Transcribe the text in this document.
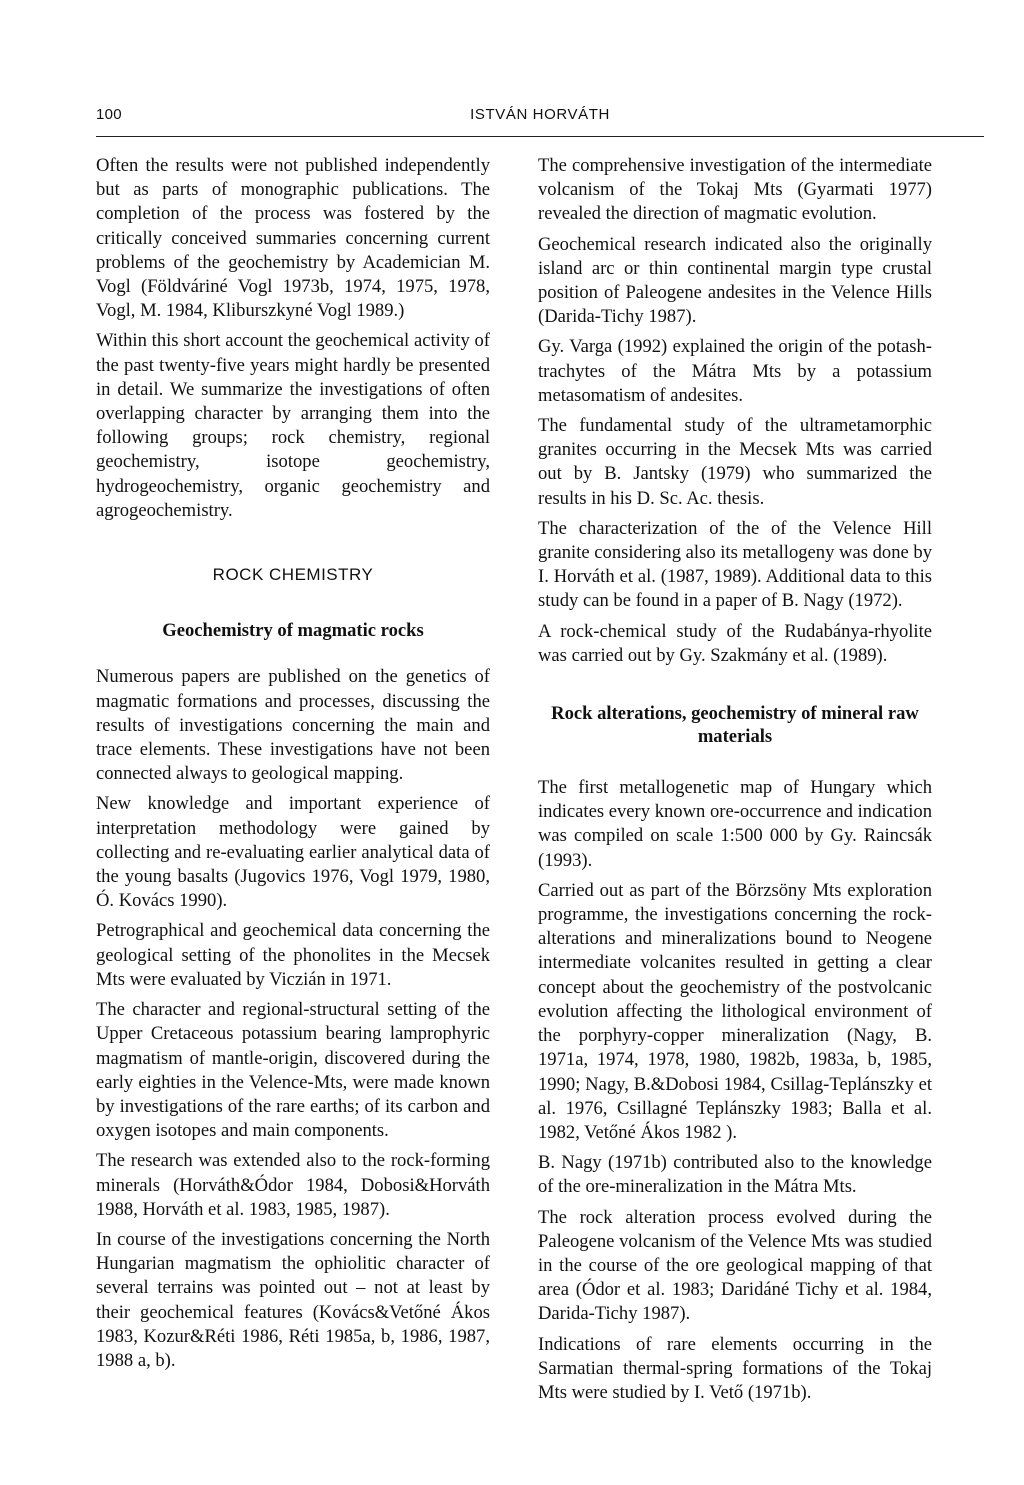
100	ISTVÁN HORVÁTH

Often the results were not published independently but as parts of monographic publications. The completion of the process was fostered by the critically conceived summaries concerning current problems of the geochemistry by Academician M. Vogl (Földváriné Vogl 1973b, 1974, 1975, 1978, Vogl, M. 1984, Kliburszkyné Vogl 1989.)

Within this short account the geochemical activity of the past twenty-five years might hardly be presented in detail. We summarize the investigations of often overlapping character by arranging them into the following groups; rock chemistry, regional geochemistry, isotope geochemistry, hydrogeochemistry, organic geochemistry and agrogeochemistry.

ROCK CHEMISTRY
Geochemistry of magmatic rocks

Numerous papers are published on the genetics of magmatic formations and processes, discussing the results of investigations concerning the main and trace elements. These investigations have not been connected always to geological mapping.

New knowledge and important experience of interpretation methodology were gained by collecting and re-evaluating earlier analytical data of the young basalts (Jugovics 1976, Vogl 1979, 1980, Ó. Kovács 1990).

Petrographical and geochemical data concerning the geological setting of the phonolites in the Mecsek Mts were evaluated by Viczián in 1971.

The character and regional-structural setting of the Upper Cretaceous potassium bearing lamprophyric magmatism of mantle-origin, discovered during the early eighties in the Velence-Mts, were made known by investigations of the rare earths; of its carbon and oxygen isotopes and main components.

The research was extended also to the rock-forming minerals (Horváth&Ódor 1984, Dobosi&Horváth 1988, Horváth et al. 1983, 1985, 1987).

In course of the investigations concerning the North Hungarian magmatism the ophiolitic character of several terrains was pointed out – not at least by their geochemical features (Kovács&Vetőné Ákos 1983, Kozur&Réti 1986, Réti 1985a, b, 1986, 1987, 1988 a, b).

The comprehensive investigation of the intermediate volcanism of the Tokaj Mts (Gyarmati 1977) revealed the direction of magmatic evolution.

Geochemical research indicated also the originally island arc or thin continental margin type crustal position of Paleogene andesites in the Velence Hills (Darida-Tichy 1987).

Gy. Varga (1992) explained the origin of the potash-trachytes of the Mátra Mts by a potassium metasomatism of andesites.

The fundamental study of the ultrametamorphic granites occurring in the Mecsek Mts was carried out by B. Jantsky (1979) who summarized the results in his D. Sc. Ac. thesis.

The characterization of the of the Velence Hill granite considering also its metallogeny was done by I. Horváth et al. (1987, 1989). Additional data to this study can be found in a paper of B. Nagy (1972).

A rock-chemical study of the Rudabánya-rhyolite was carried out by Gy. Szakmány et al. (1989).

Rock alterations, geochemistry of mineral raw materials

The first metallogenetic map of Hungary which indicates every known ore-occurrence and indication was compiled on scale 1:500 000 by Gy. Raincsák (1993).

Carried out as part of the Börzsöny Mts exploration programme, the investigations concerning the rock-alterations and mineralizations bound to Neogene intermediate volcanites resulted in getting a clear concept about the geochemistry of the postvolcanic evolution affecting the lithological environment of the porphyry-copper mineralization (Nagy, B. 1971a, 1974, 1978, 1980, 1982b, 1983a, b, 1985, 1990; Nagy, B.&Dobosi 1984, Csillag-Teplánszky et al. 1976, Csillagné Teplánszky 1983; Balla et al. 1982, Vetőné Ákos 1982 ).

B. Nagy (1971b) contributed also to the knowledge of the ore-mineralization in the Mátra Mts.

The rock alteration process evolved during the Paleogene volcanism of the Velence Mts was studied in the course of the ore geological mapping of that area (Ódor et al. 1983; Daridáné Tichy et al. 1984, Darida-Tichy 1987).

Indications of rare elements occurring in the Sarmatian thermal-spring formations of the Tokaj Mts were studied by I. Vető (1971b).
